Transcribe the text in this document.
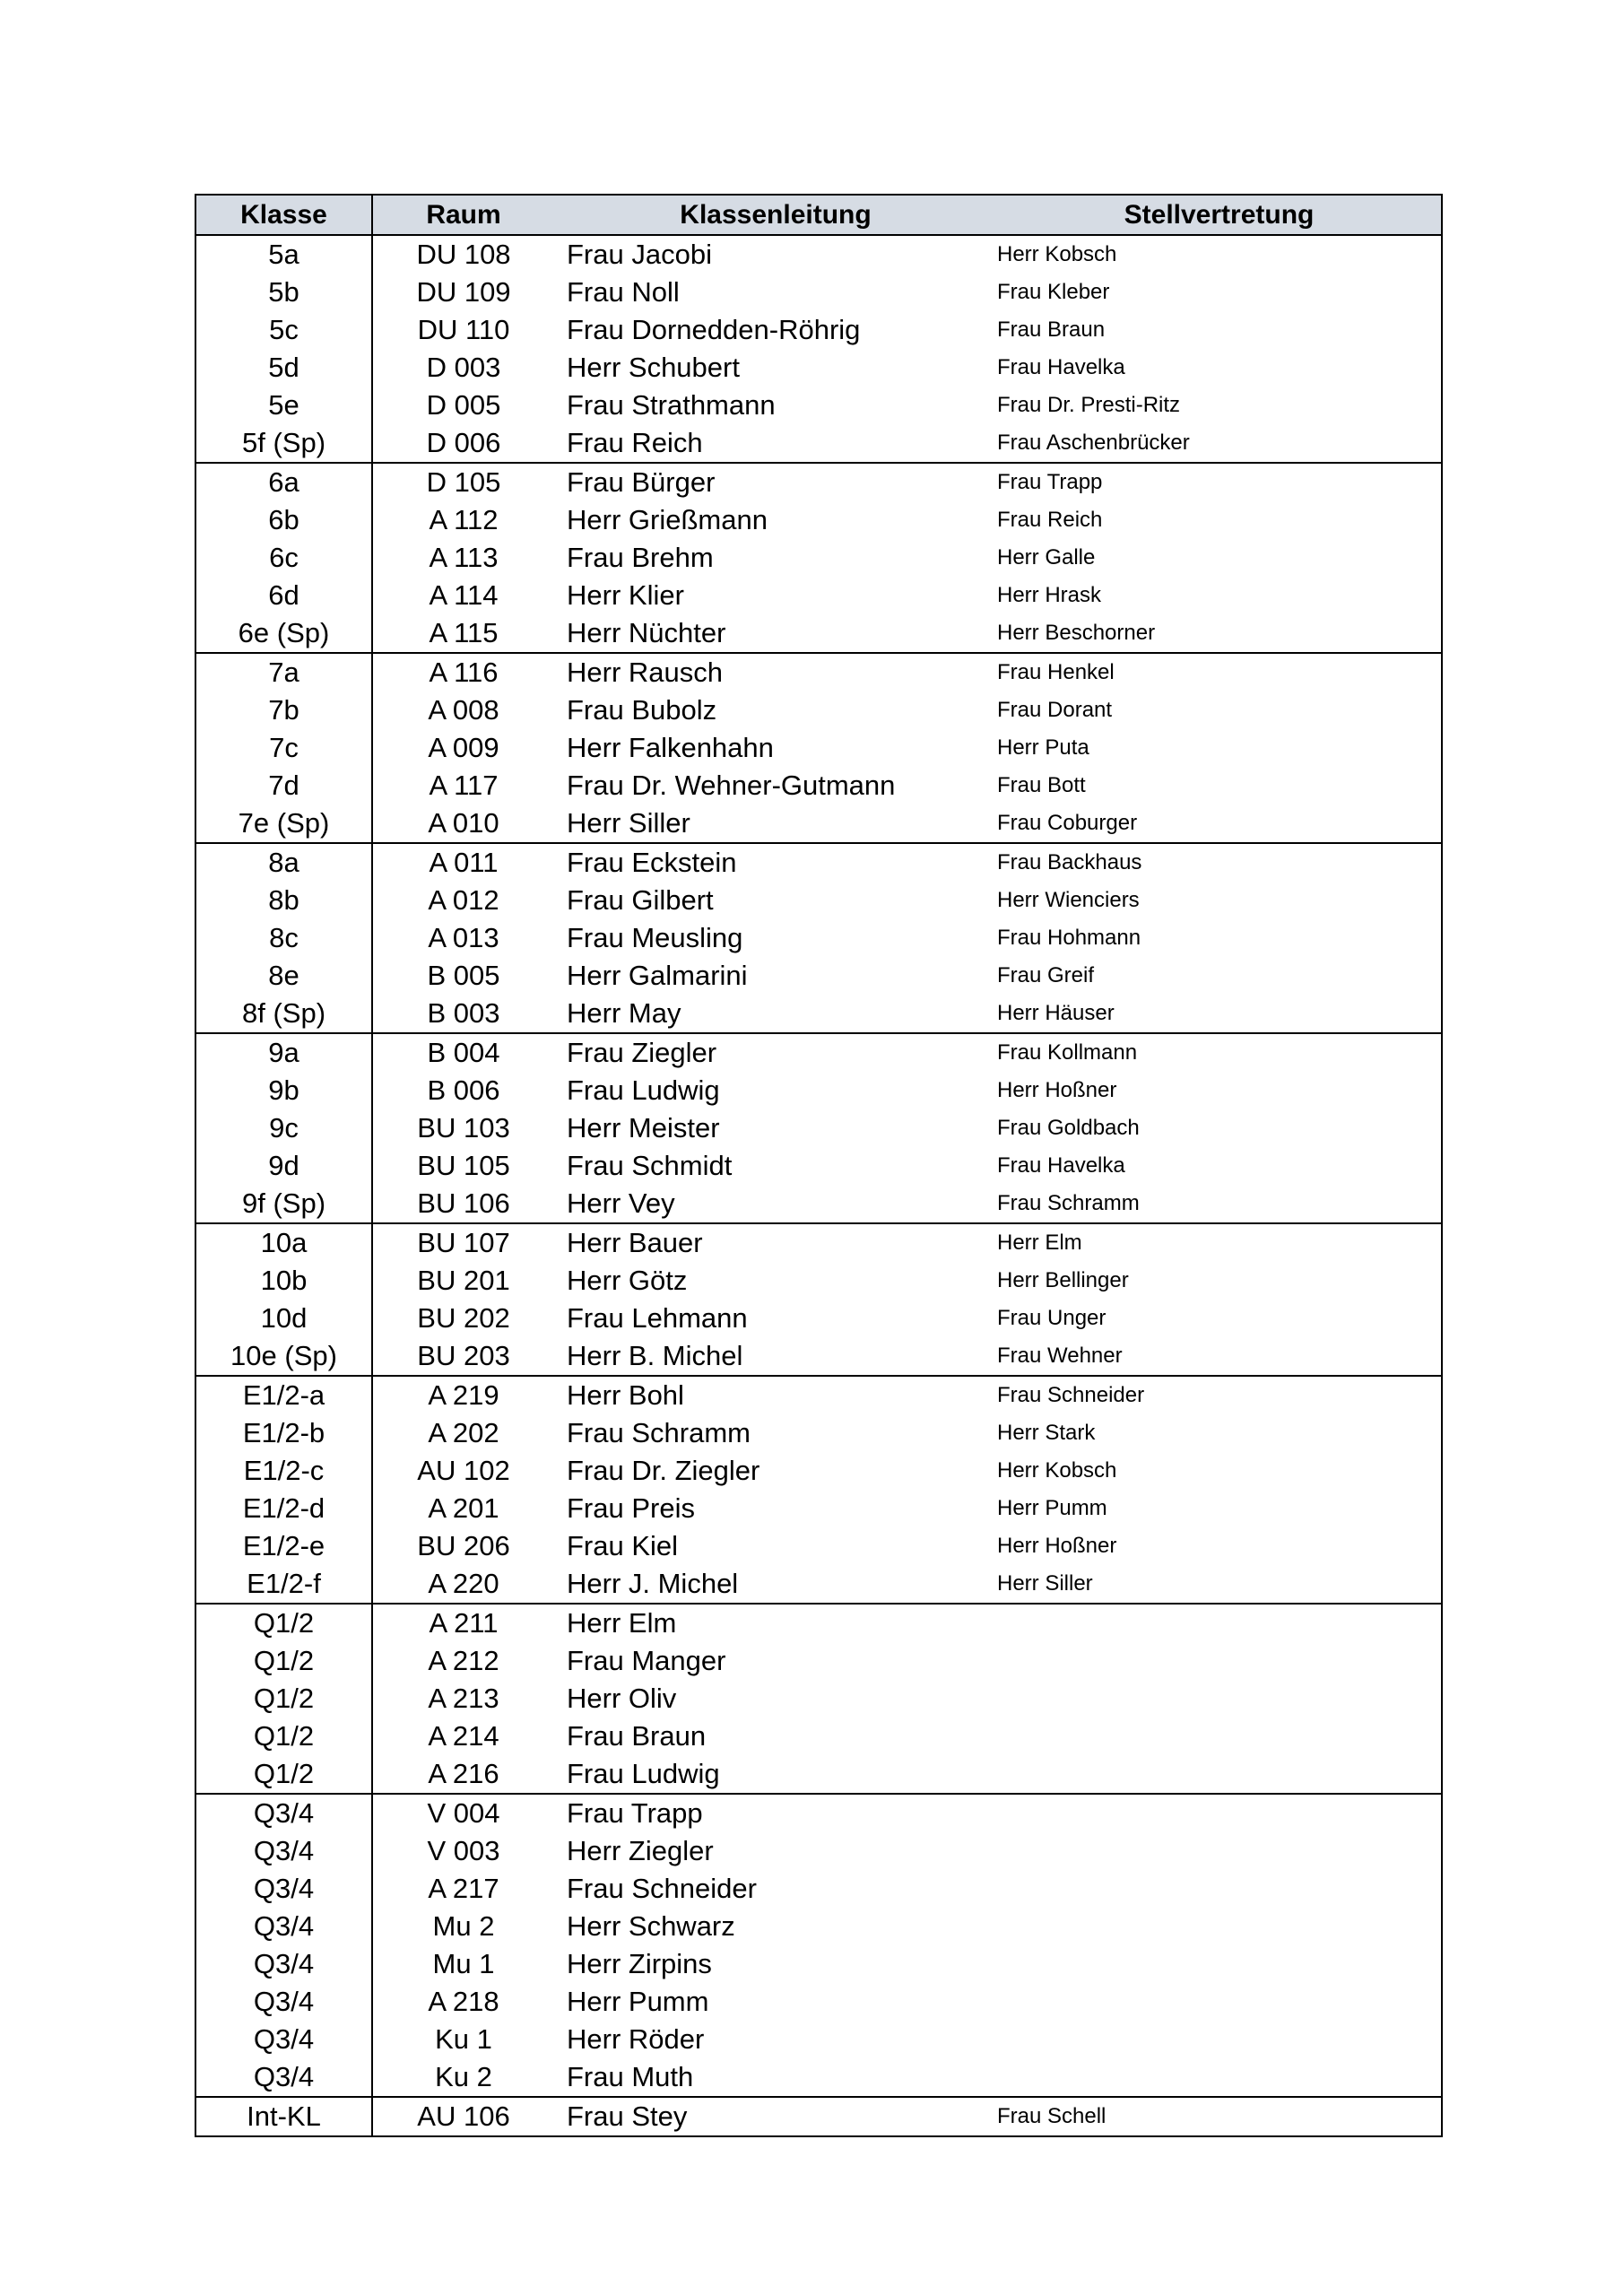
Klasse	Raum	Klassenleitung	Stellvertretung
5a	DU 108	Frau Jacobi	Herr Kobsch
5b	DU 109	Frau Noll	Frau Kleber
5c	DU 110	Frau Dornedden-Röhrig	Frau Braun
5d	D 003	Herr Schubert	Frau Havelka
5e	D 005	Frau Strathmann	Frau Dr. Presti-Ritz
5f (Sp)	D 006	Frau Reich	Frau Aschenbrücker
6a	D 105	Frau Bürger	Frau Trapp
6b	A 112	Herr Grießmann	Frau Reich
6c	A 113	Frau Brehm	Herr Galle
6d	A 114	Herr Klier	Herr Hrask
6e (Sp)	A 115	Herr Nüchter	Herr Beschorner
7a	A 116	Herr Rausch	Frau Henkel
7b	A 008	Frau Bubolz	Frau Dorant
7c	A 009	Herr Falkenhahn	Herr Puta
7d	A 117	Frau Dr. Wehner-Gutmann	Frau Bott
7e (Sp)	A 010	Herr Siller	Frau Coburger
8a	A 011	Frau Eckstein	Frau Backhaus
8b	A 012	Frau Gilbert	Herr Wienciers
8c	A 013	Frau Meusling	Frau Hohmann
8e	B 005	Herr Galmarini	Frau Greif
8f (Sp)	B 003	Herr May	Herr Häuser
9a	B 004	Frau Ziegler	Frau Kollmann
9b	B 006	Frau Ludwig	Herr Hoßner
9c	BU 103	Herr Meister	Frau Goldbach
9d	BU 105	Frau Schmidt	Frau Havelka
9f (Sp)	BU 106	Herr Vey	Frau Schramm
10a	BU 107	Herr Bauer	Herr Elm
10b	BU 201	Herr Götz	Herr Bellinger
10d	BU 202	Frau Lehmann	Frau Unger
10e (Sp)	BU 203	Herr B. Michel	Frau Wehner
E1/2-a	A 219	Herr Bohl	Frau Schneider
E1/2-b	A 202	Frau Schramm	Herr Stark
E1/2-c	AU 102	Frau Dr. Ziegler	Herr Kobsch
E1/2-d	A 201	Frau Preis	Herr Pumm
E1/2-e	BU 206	Frau Kiel	Herr Hoßner
E1/2-f	A 220	Herr J. Michel	Herr Siller
Q1/2	A 211	Herr Elm
Q1/2	A 212	Frau Manger
Q1/2	A 213	Herr Oliv
Q1/2	A 214	Frau Braun
Q1/2	A 216	Frau Ludwig
Q3/4	V 004	Frau Trapp
Q3/4	V 003	Herr Ziegler
Q3/4	A 217	Frau Schneider
Q3/4	Mu 2	Herr Schwarz
Q3/4	Mu 1	Herr Zirpins
Q3/4	A 218	Herr Pumm
Q3/4	Ku 1	Herr Röder
Q3/4	Ku 2	Frau Muth
Int-KL	AU 106	Frau Stey	Frau Schell
